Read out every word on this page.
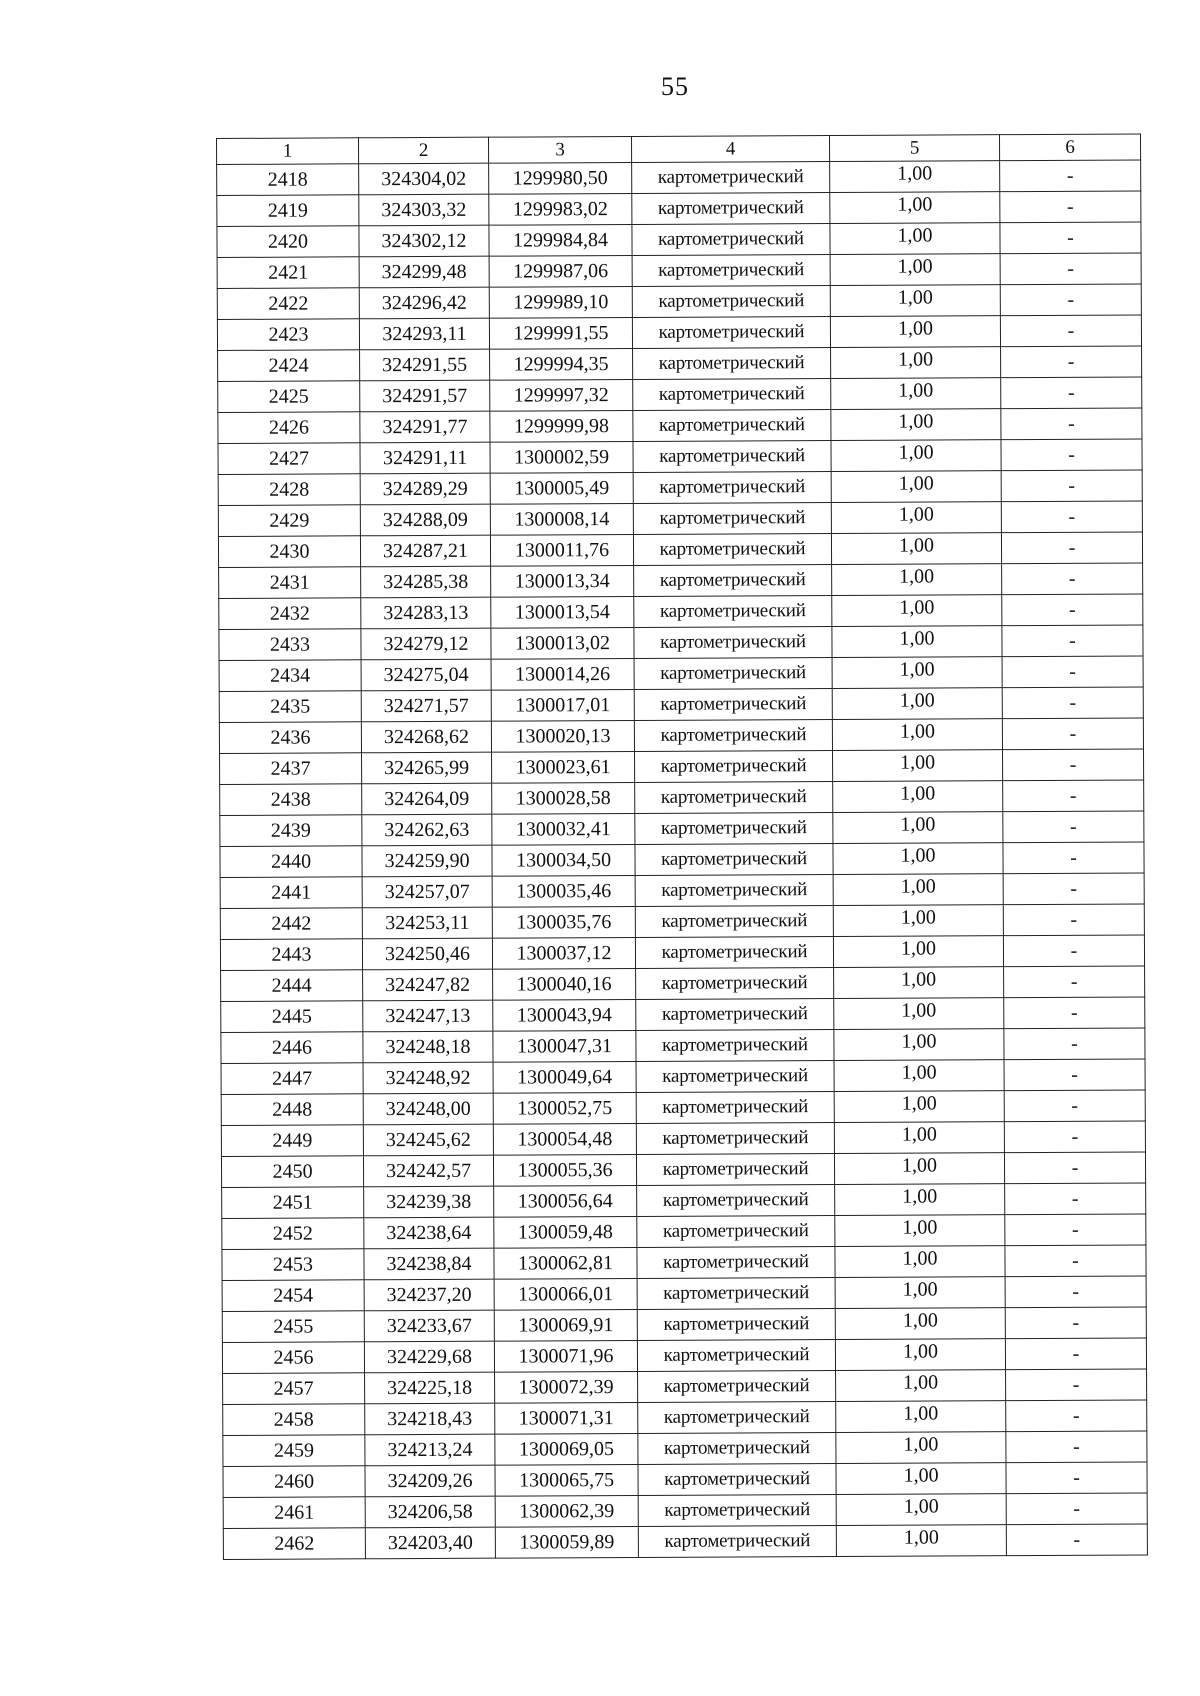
55
1	2	3	4	5	6
2418	324304,02	1299980,50	картометрический	1,00	-
2419	324303,32	1299983,02	картометрический	1,00	-
2420	324302,12	1299984,84	картометрический	1,00	-
2421	324299,48	1299987,06	картометрический	1,00	-
2422	324296,42	1299989,10	картометрический	1,00	-
2423	324293,11	1299991,55	картометрический	1,00	-
2424	324291,55	1299994,35	картометрический	1,00	-
2425	324291,57	1299997,32	картометрический	1,00	-
2426	324291,77	1299999,98	картометрический	1,00	-
2427	324291,11	1300002,59	картометрический	1,00	-
2428	324289,29	1300005,49	картометрический	1,00	-
2429	324288,09	1300008,14	картометрический	1,00	-
2430	324287,21	1300011,76	картометрический	1,00	-
2431	324285,38	1300013,34	картометрический	1,00	-
2432	324283,13	1300013,54	картометрический	1,00	-
2433	324279,12	1300013,02	картометрический	1,00	-
2434	324275,04	1300014,26	картометрический	1,00	-
2435	324271,57	1300017,01	картометрический	1,00	-
2436	324268,62	1300020,13	картометрический	1,00	-
2437	324265,99	1300023,61	картометрический	1,00	-
2438	324264,09	1300028,58	картометрический	1,00	-
2439	324262,63	1300032,41	картометрический	1,00	-
2440	324259,90	1300034,50	картометрический	1,00	-
2441	324257,07	1300035,46	картометрический	1,00	-
2442	324253,11	1300035,76	картометрический	1,00	-
2443	324250,46	1300037,12	картометрический	1,00	-
2444	324247,82	1300040,16	картометрический	1,00	-
2445	324247,13	1300043,94	картометрический	1,00	-
2446	324248,18	1300047,31	картометрический	1,00	-
2447	324248,92	1300049,64	картометрический	1,00	-
2448	324248,00	1300052,75	картометрический	1,00	-
2449	324245,62	1300054,48	картометрический	1,00	-
2450	324242,57	1300055,36	картометрический	1,00	-
2451	324239,38	1300056,64	картометрический	1,00	-
2452	324238,64	1300059,48	картометрический	1,00	-
2453	324238,84	1300062,81	картометрический	1,00	-
2454	324237,20	1300066,01	картометрический	1,00	-
2455	324233,67	1300069,91	картометрический	1,00	-
2456	324229,68	1300071,96	картометрический	1,00	-
2457	324225,18	1300072,39	картометрический	1,00	-
2458	324218,43	1300071,31	картометрический	1,00	-
2459	324213,24	1300069,05	картометрический	1,00	-
2460	324209,26	1300065,75	картометрический	1,00	-
2461	324206,58	1300062,39	картометрический	1,00	-
2462	324203,40	1300059,89	картометрический	1,00	-
